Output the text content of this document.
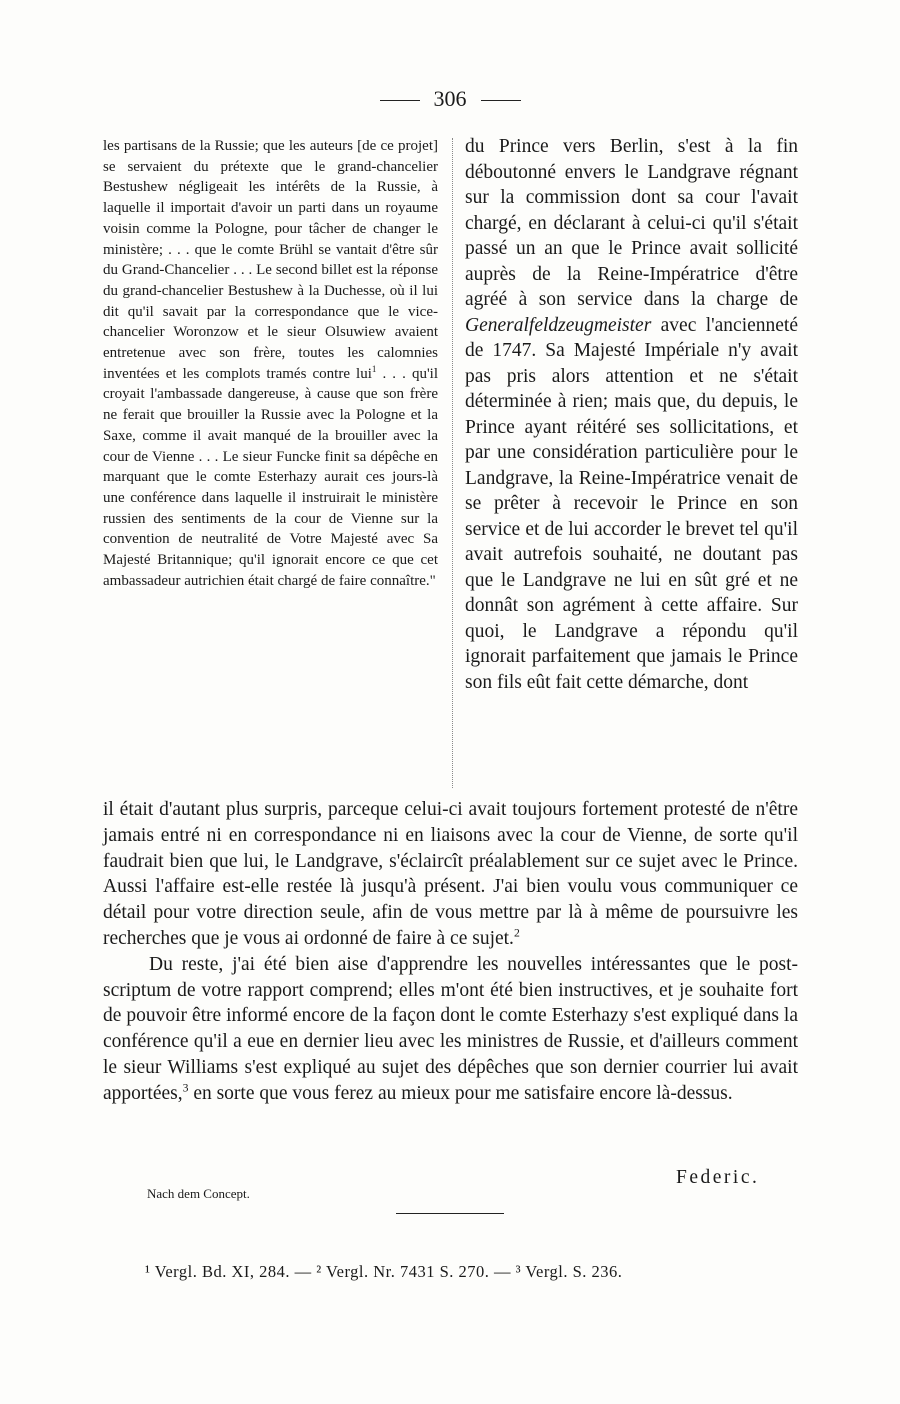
306

les partisans de la Russie; que les auteurs [de ce projet] se servaient du prétexte que le grand-chancelier Bestushew négligeait les intérêts de la Russie, à laquelle il importait d'avoir un parti dans un royaume voisin comme la Pologne, pour tâcher de changer le ministère; . . . que le comte Brühl se vantait d'être sûr du Grand-Chancelier . . . Le second billet est la réponse du grand-chancelier Bestushew à la Duchesse, où il lui dit qu'il savait par la correspondance que le vice-chancelier Woronzow et le sieur Olsuwiew avaient entretenue avec son frère, toutes les calomnies inventées et les complots tramés contre lui$^1$ . . . qu'il croyait l'ambassade dangereuse, à cause que son frère ne ferait que brouiller la Russie avec la Pologne et la Saxe, comme il avait manqué de la brouiller avec la cour de Vienne . . . Le sieur Funcke finit sa dépêche en marquant que le comte Esterhazy aurait ces jours-là une conférence dans laquelle il instruirait le ministère russien des sentiments de la cour de Vienne sur la convention de neutralité de Votre Majesté avec Sa Majesté Britannique; qu'il ignorait encore ce que cet ambassadeur autrichien était chargé de faire connaître."

du Prince vers Berlin, s'est à la fin déboutonné envers le Landgrave régnant sur la commission dont sa cour l'avait chargé, en déclarant à celui-ci qu'il s'était passé un an que le Prince avait sollicité auprès de la Reine-Impératrice d'être agréé à son service dans la charge de Generalfeldzeugmeister avec l'ancienneté de 1747. Sa Majesté Impériale n'y avait pas pris alors attention et ne s'était déterminée à rien; mais que, du depuis, le Prince ayant réitéré ses sollicitations, et par une considération particulière pour le Landgrave, la Reine-Impératrice venait de se prêter à recevoir le Prince en son service et de lui accorder le brevet tel qu'il avait autrefois souhaité, ne doutant pas que le Landgrave ne lui en sût gré et ne donnât son agrément à cette affaire. Sur quoi, le Landgrave a répondu qu'il ignorait parfaitement que jamais le Prince son fils eût fait cette démarche, dont

il était d'autant plus surpris, parceque celui-ci avait toujours fortement protesté de n'être jamais entré ni en correspondance ni en liaisons avec la cour de Vienne, de sorte qu'il faudrait bien que lui, le Landgrave, s'éclaircît préalablement sur ce sujet avec le Prince. Aussi l'affaire est-elle restée là jusqu'à présent. J'ai bien voulu vous communiquer ce détail pour votre direction seule, afin de vous mettre par là à même de poursuivre les recherches que je vous ai ordonné de faire à ce sujet.$^2$

Du reste, j'ai été bien aise d'apprendre les nouvelles intéressantes que le post-scriptum de votre rapport comprend; elles m'ont été bien instructives, et je souhaite fort de pouvoir être informé encore de la façon dont le comte Esterhazy s'est expliqué dans la conférence qu'il a eue en dernier lieu avec les ministres de Russie, et d'ailleurs comment le sieur Williams s'est expliqué au sujet des dépêches que son dernier courrier lui avait apportées,$^3$ en sorte que vous ferez au mieux pour me satisfaire encore là-dessus.

Federic.
Nach dem Concept.
¹ Vergl. Bd. XI, 284. — ² Vergl. Nr. 7431 S. 270. — ³ Vergl. S. 236.
